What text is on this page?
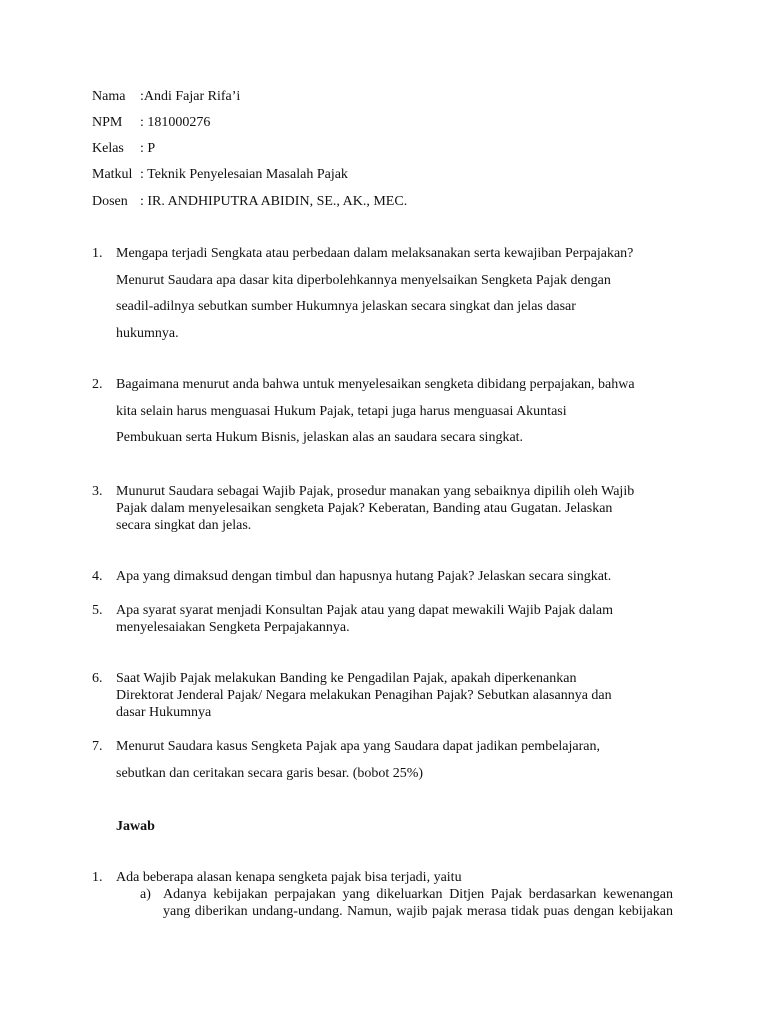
Nama :Andi Fajar Rifa’i
NPM : 181000276
Kelas : P
Matkul : Teknik Penyelesaian Masalah Pajak
Dosen : IR. ANDHIPUTRA ABIDIN, SE., AK., MEC.
1. Mengapa terjadi Sengkata atau perbedaan dalam melaksanakan serta kewajiban Perpajakan?
Menurut Saudara apa dasar kita diperbolehkannya menyelsaikan Sengketa Pajak dengan
seadil-adilnya sebutkan sumber Hukumnya jelaskan secara singkat dan jelas dasar
hukumnya.
2. Bagaimana menurut anda bahwa untuk menyelesaikan sengketa dibidang perpajakan, bahwa
kita selain harus menguasai Hukum Pajak, tetapi juga harus menguasai Akuntasi
Pembukuan serta Hukum Bisnis, jelaskan alas an saudara secara singkat.
3. Munurut Saudara sebagai Wajib Pajak, prosedur manakan yang sebaiknya dipilih oleh Wajib
Pajak dalam menyelesaikan sengketa Pajak? Keberatan, Banding atau Gugatan. Jelaskan
secara singkat dan jelas.
4. Apa yang dimaksud dengan timbul dan hapusnya hutang Pajak? Jelaskan secara singkat.
5. Apa syarat syarat menjadi Konsultan Pajak atau yang dapat mewakili Wajib Pajak dalam
menyelesaiakan Sengketa Perpajakannya.
6. Saat Wajib Pajak melakukan Banding ke Pengadilan Pajak, apakah diperkenankan
Direktorat Jenderal Pajak/ Negara melakukan Penagihan Pajak? Sebutkan alasannya dan
dasar Hukumnya
7. Menurut Saudara kasus Sengketa Pajak apa yang Saudara dapat jadikan pembelajaran,
sebutkan dan ceritakan secara garis besar. (bobot 25%)
Jawab
1. Ada beberapa alasan kenapa sengketa pajak bisa terjadi, yaitu
a) Adanya kebijakan perpajakan yang dikeluarkan Ditjen Pajak berdasarkan kewenangan
yang diberikan undang-undang. Namun, wajib pajak merasa tidak puas dengan kebijakan
